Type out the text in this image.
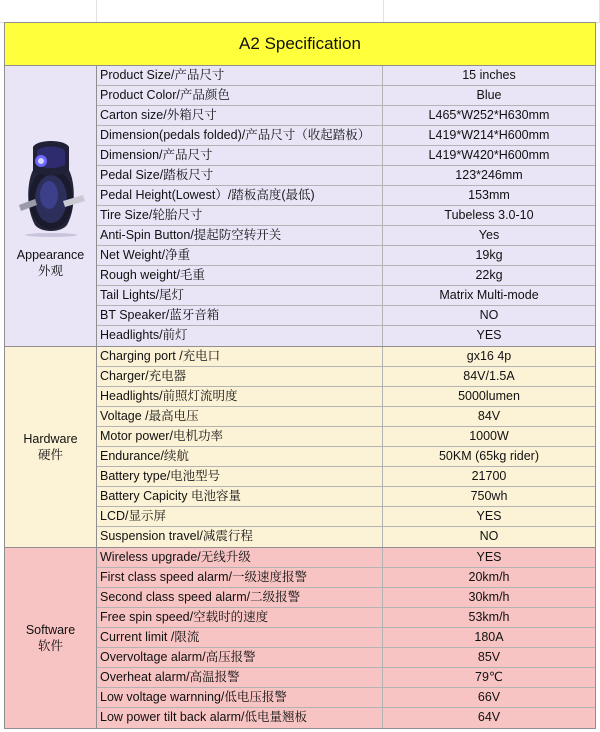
A2 Specification
Appearance
外观
Product Size/产品尺寸	15 inches
Product Color/产品颜色	Blue
Carton size/外箱尺寸	L465*W252*H630mm
Dimension(pedals folded)/产品尺寸（收起踏板）	L419*W214*H600mm
Dimension/产品尺寸	L419*W420*H600mm
Pedal Size/踏板尺寸	123*246mm
Pedal Height(Lowest）/踏板高度(最低)	153mm
Tire Size/轮胎尺寸	Tubeless 3.0-10
Anti-Spin Button/提起防空转开关	Yes
Net Weight/净重	19kg
Rough weight/毛重	22kg
Tail Lights/尾灯	Matrix Multi-mode
BT Speaker/蓝牙音箱	NO
Headlights/前灯	YES
Hardware
硬件
Charging port /充电口	gx16 4p
Charger/充电器	84V/1.5A
Headlights/前照灯流明度	5000lumen
Voltage /最高电压	84V
Motor power/电机功率	1000W
Endurance/续航	50KM (65kg rider)
Battery type/电池型号	21700
Battery Capicity 电池容量	750wh
LCD/显示屏	YES
Suspension travel/减震行程	NO
Software
软件
Wireless upgrade/无线升级	YES
First class speed alarm/一级速度报警	20km/h
Second class speed alarm/二级报警	30km/h
Free spin speed/空载时的速度	53km/h
Current limit /限流	180A
Overvoltage alarm/高压报警	85V
Overheat alarm/高温报警	79℃
Low voltage warnning/低电压报警	66V
Low power tilt back alarm/低电量翘板	64V
